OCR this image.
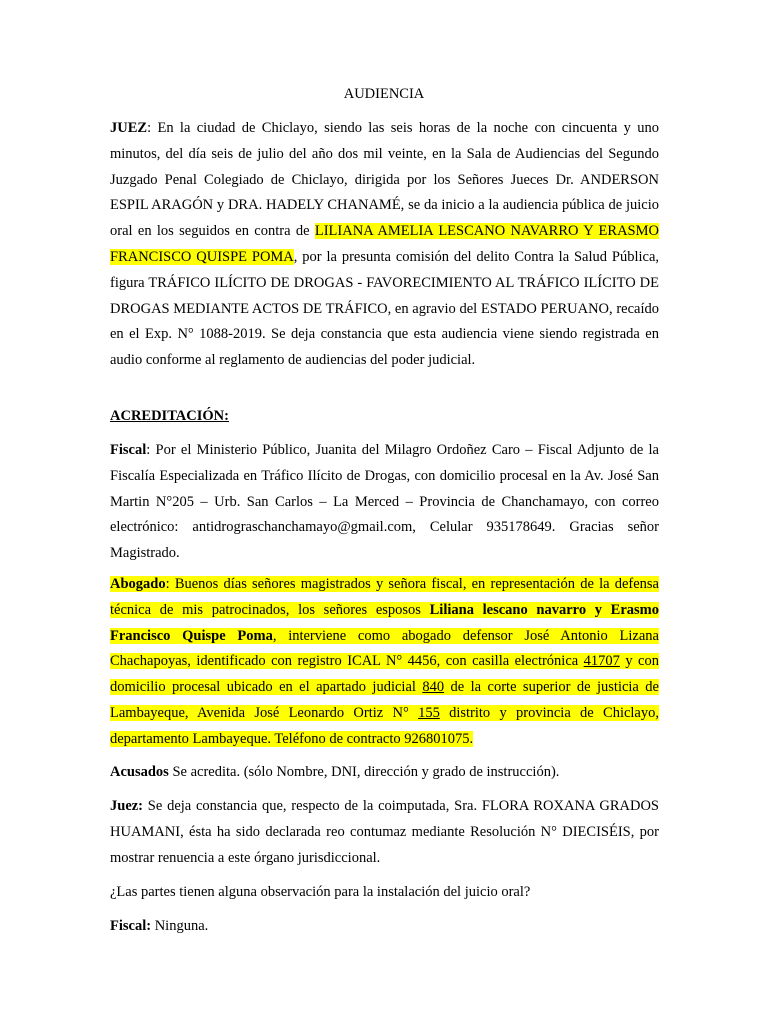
AUDIENCIA

JUEZ: En la ciudad de Chiclayo, siendo las seis horas de la noche con cincuenta y uno minutos, del día seis de julio del año dos mil veinte, en la Sala de Audiencias del Segundo Juzgado Penal Colegiado de Chiclayo, dirigida por los Señores Jueces Dr. ANDERSON ESPIL ARAGÓN y DRA. HADELY CHANAMÉ, se da inicio a la audiencia pública de juicio oral en los seguidos en contra de LILIANA AMELIA LESCANO NAVARRO Y ERASMO FRANCISCO QUISPE POMA, por la presunta comisión del delito Contra la Salud Pública, figura TRÁFICO ILÍCITO DE DROGAS - FAVORECIMIENTO AL TRÁFICO ILÍCITO DE DROGAS MEDIANTE ACTOS DE TRÁFICO, en agravio del ESTADO PERUANO, recaído en el Exp. N° 1088-2019. Se deja constancia que esta audiencia viene siendo registrada en audio conforme al reglamento de audiencias del poder judicial.

ACREDITACIÓN:

Fiscal: Por el Ministerio Público, Juanita del Milagro Ordoñez Caro – Fiscal Adjunto de la Fiscalía Especializada en Tráfico Ilícito de Drogas, con domicilio procesal en la Av. José San Martin N°205 – Urb. San Carlos – La Merced – Provincia de Chanchamayo, con correo electrónico: antidrograschanchamayo@gmail.com, Celular 935178649. Gracias señor Magistrado.

Abogado: Buenos días señores magistrados y señora fiscal, en representación de la defensa técnica de mis patrocinados, los señores esposos Liliana lescano navarro y Erasmo Francisco Quispe Poma, interviene como abogado defensor José Antonio Lizana Chachapoyas, identificado con registro ICAL N° 4456, con casilla electrónica 41707 y con domicilio procesal ubicado en el apartado judicial 840 de la corte superior de justicia de Lambayeque, Avenida José Leonardo Ortiz N° 155 distrito y provincia de Chiclayo, departamento Lambayeque. Teléfono de contracto 926801075.

Acusados Se acredita. (sólo Nombre, DNI, dirección y grado de instrucción).

Juez: Se deja constancia que, respecto de la coimputada, Sra. FLORA ROXANA GRADOS HUAMANI, ésta ha sido declarada reo contumaz mediante Resolución N° DIECISÉIS, por mostrar renuencia a este órgano jurisdiccional.

¿Las partes tienen alguna observación para la instalación del juicio oral?

Fiscal: Ninguna.
